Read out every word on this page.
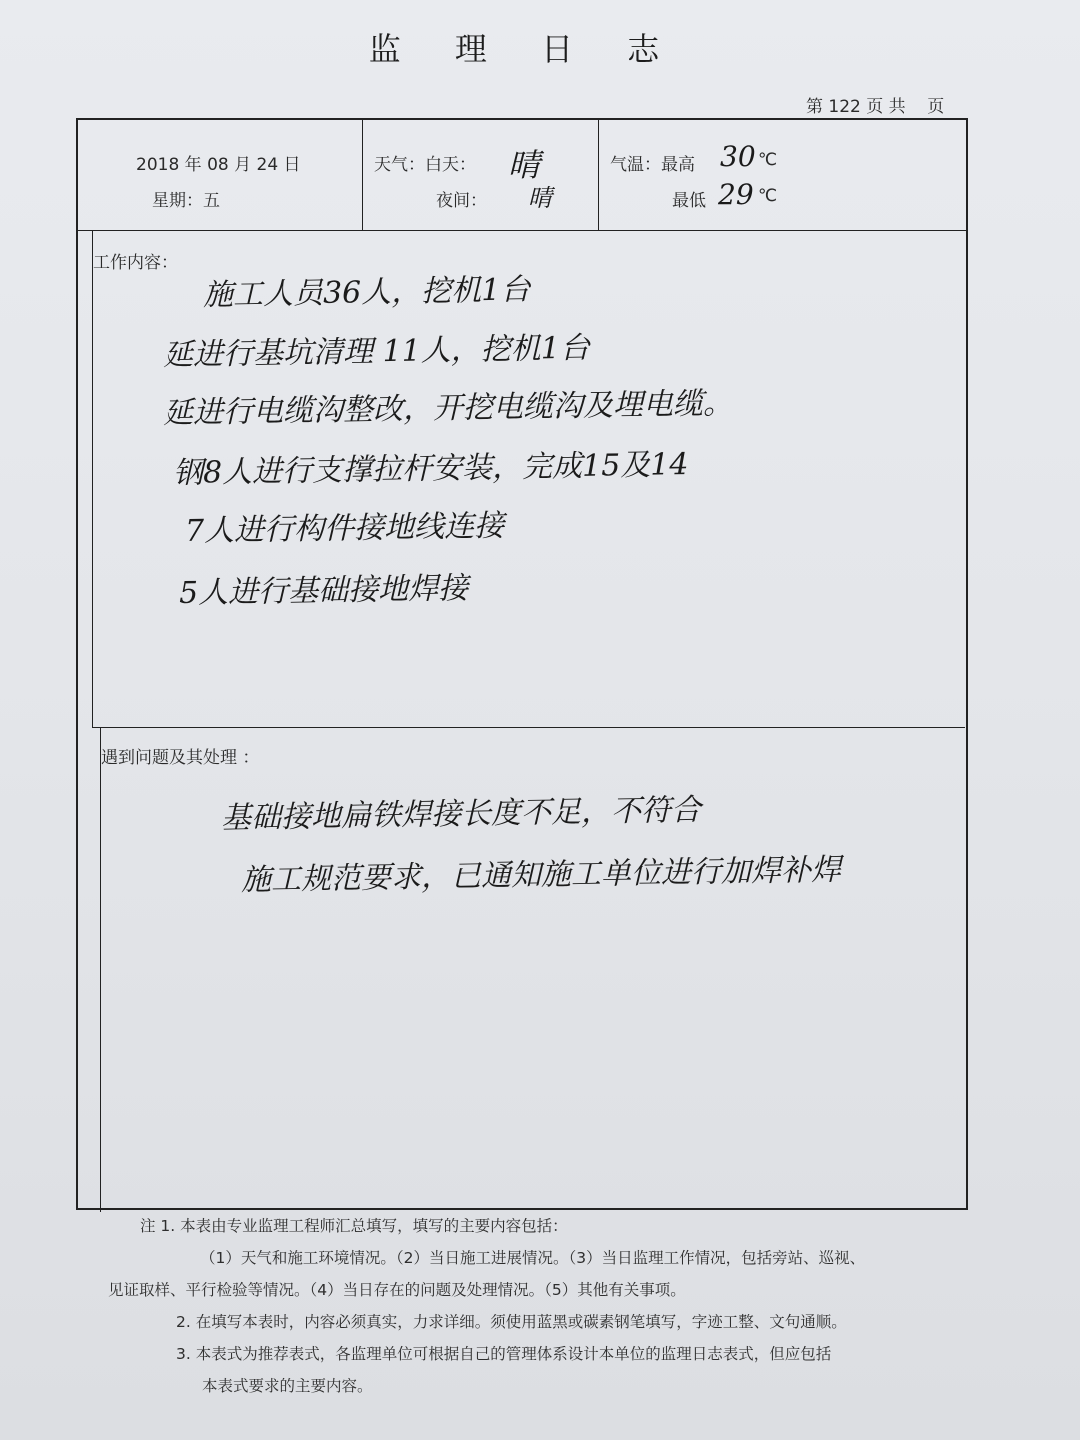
监 理 日 志
第 122 页 共    页
2018 年 08 月 24 日
星期：五
天气：白天： 晴
夜间： 晴
气温：最高 30 ℃
最低 29 ℃
工作内容：
施工人员36人，挖机1台
延进行基坑清理 11人，挖机1台
延进行电缆沟整改，开挖电缆沟及埋电缆。
钢8人进行支撑拉杆安装，完成15及14
7人进行构件接地线连接
5人进行基础接地焊接
遇到问题及其处理 ：
基础接地扁铁焊接长度不足，不符合
施工规范要求，已通知施工单位进行加焊补焊
注 1. 本表由专业监理工程师汇总填写，填写的主要内容包括：
（1）天气和施工环境情况。（2）当日施工进展情况。（3）当日监理工作情况，包括旁站、巡视、
见证取样、平行检验等情况。（4）当日存在的问题及处理情况。（5）其他有关事项。
2. 在填写本表时，内容必须真实，力求详细。须使用蓝黑或碳素钢笔填写，字迹工整、文句通顺。
3. 本表式为推荐表式，各监理单位可根据自己的管理体系设计本单位的监理日志表式，但应包括
本表式要求的主要内容。
